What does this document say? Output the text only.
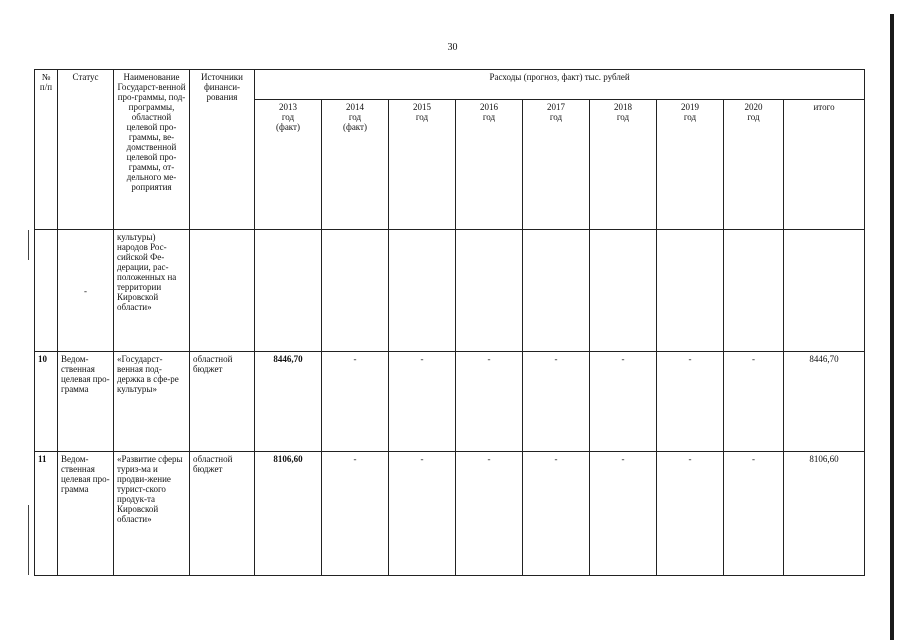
30
№ п/п	Статус	Наименование Государст-венной про-граммы, под-программы, областной целевой про-граммы, ве-домственной целевой про-граммы, от-дельного ме-роприятия	Источники финанси-рования	Расходы (прогноз, факт) тыс. рублей								
				2013
год
(факт)	2014
год
(факт)	2015
год	2016
год	2017
год	2018
год	2019
год	2020
год	итого
	-	культуры) народов Рос-сийской Фе-дерации, рас-положенных на территории Кировской области»										
10	Ведом-ственная целевая про-грамма	«Государст-венная под-держка в сфе-ре культуры»	областной бюджет	8446,70	-	-	-	-	-	-	-	8446,70
11	Ведом-ственная целевая про-грамма	«Развитие сферы туриз-ма и продви-жение турист-ского продук-та Кировской области»	областной бюджет	8106,60	-	-	-	-	-	-	-	8106,60
